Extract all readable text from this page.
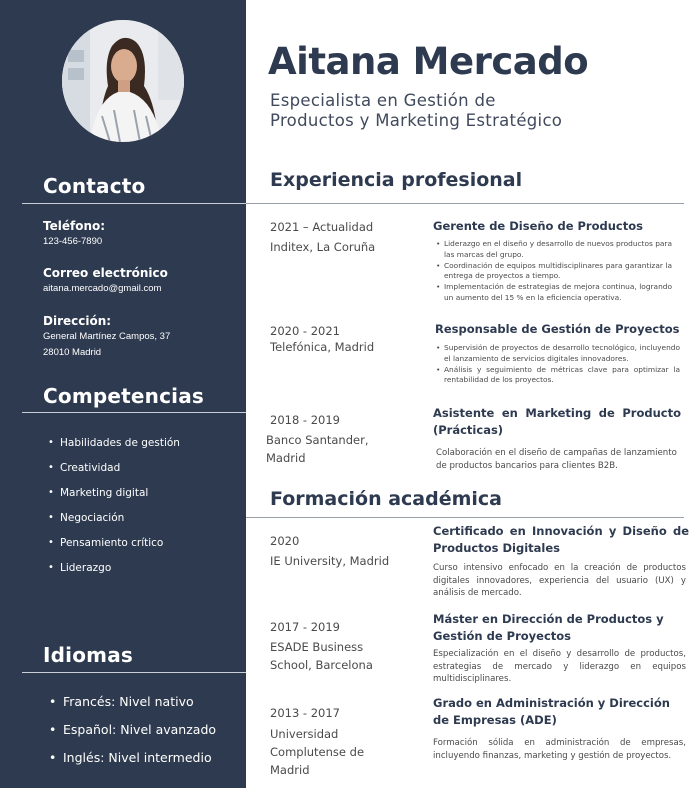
Contacto
Teléfono:
123-456-7890
Correo electrónico
aitana.mercado@gmail.com
Dirección:
General Martínez Campos, 37
28010 Madrid
Competencias
• Habilidades de gestión
• Creatividad
• Marketing digital
• Negociación
• Pensamiento crítico
• Liderazgo
Idiomas
• Francés: Nivel nativo
• Español: Nivel avanzado
• Inglés: Nivel intermedio
Aitana Mercado
Especialista en Gestión de
Productos y Marketing Estratégico
Experiencia profesional
2021 – Actualidad
Inditex, La Coruña
Gerente de Diseño de Productos
• Liderazgo en el diseño y desarrollo de nuevos productos para las marcas del grupo.
• Coordinación de equipos multidisciplinares para garantizar la entrega de proyectos a tiempo.
• Implementación de estrategias de mejora continua, logrando un aumento del 15 % en la eficiencia operativa.
2020 - 2021
Telefónica, Madrid
Responsable de Gestión de Proyectos
• Supervisión de proyectos de desarrollo tecnológico, incluyendo el lanzamiento de servicios digitales innovadores.
• Análisis y seguimiento de métricas clave para optimizar la rentabilidad de los proyectos.
2018 - 2019
Banco Santander,
Madrid
Asistente en Marketing de Producto (Prácticas)
Colaboración en el diseño de campañas de lanzamiento de productos bancarios para clientes B2B.
Formación académica
2020
IE University, Madrid
Certificado en Innovación y Diseño de Productos Digitales
Curso intensivo enfocado en la creación de productos digitales innovadores, experiencia del usuario (UX) y análisis de mercado.
2017 - 2019
ESADE Business School, Barcelona
Máster en Dirección de Productos y Gestión de Proyectos
Especialización en el diseño y desarrollo de productos, estrategias de mercado y liderazgo en equipos multidisciplinares.
2013 - 2017
Universidad Complutense de Madrid
Grado en Administración y Dirección de Empresas (ADE)
Formación sólida en administración de empresas, incluyendo finanzas, marketing y gestión de proyectos.
